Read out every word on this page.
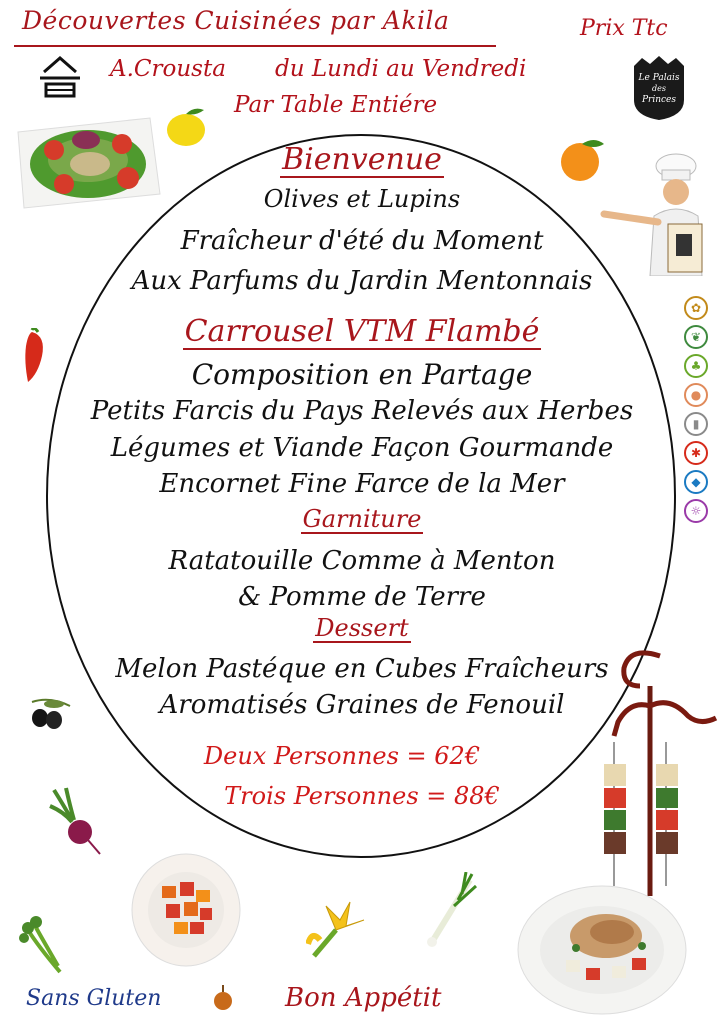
Découvertes Cuisinées par Akila	Prix Ttc
A.Crousta du Lundi au Vendredi
Par Table Entiére
Le Palais
des
Princes
✿
❦
♣
●
▮
✱
◆
☼
Bienvenue
Olives et Lupins
Fraîcheur d'été du Moment
Aux Parfums du Jardin Mentonnais
Carrousel VTM Flambé
Composition en Partage
Petits Farcis du Pays Relevés aux Herbes
Légumes et Viande Façon Gourmande
Encornet Fine Farce de la Mer
Garniture
Ratatouille Comme à Menton
& Pomme de Terre
Dessert
Melon Pastéque en Cubes Fraîcheurs
Aromatisés Graines de Fenouil
Deux Personnes = 62€
Trois Personnes = 88€
Sans Gluten	Bon Appétit
